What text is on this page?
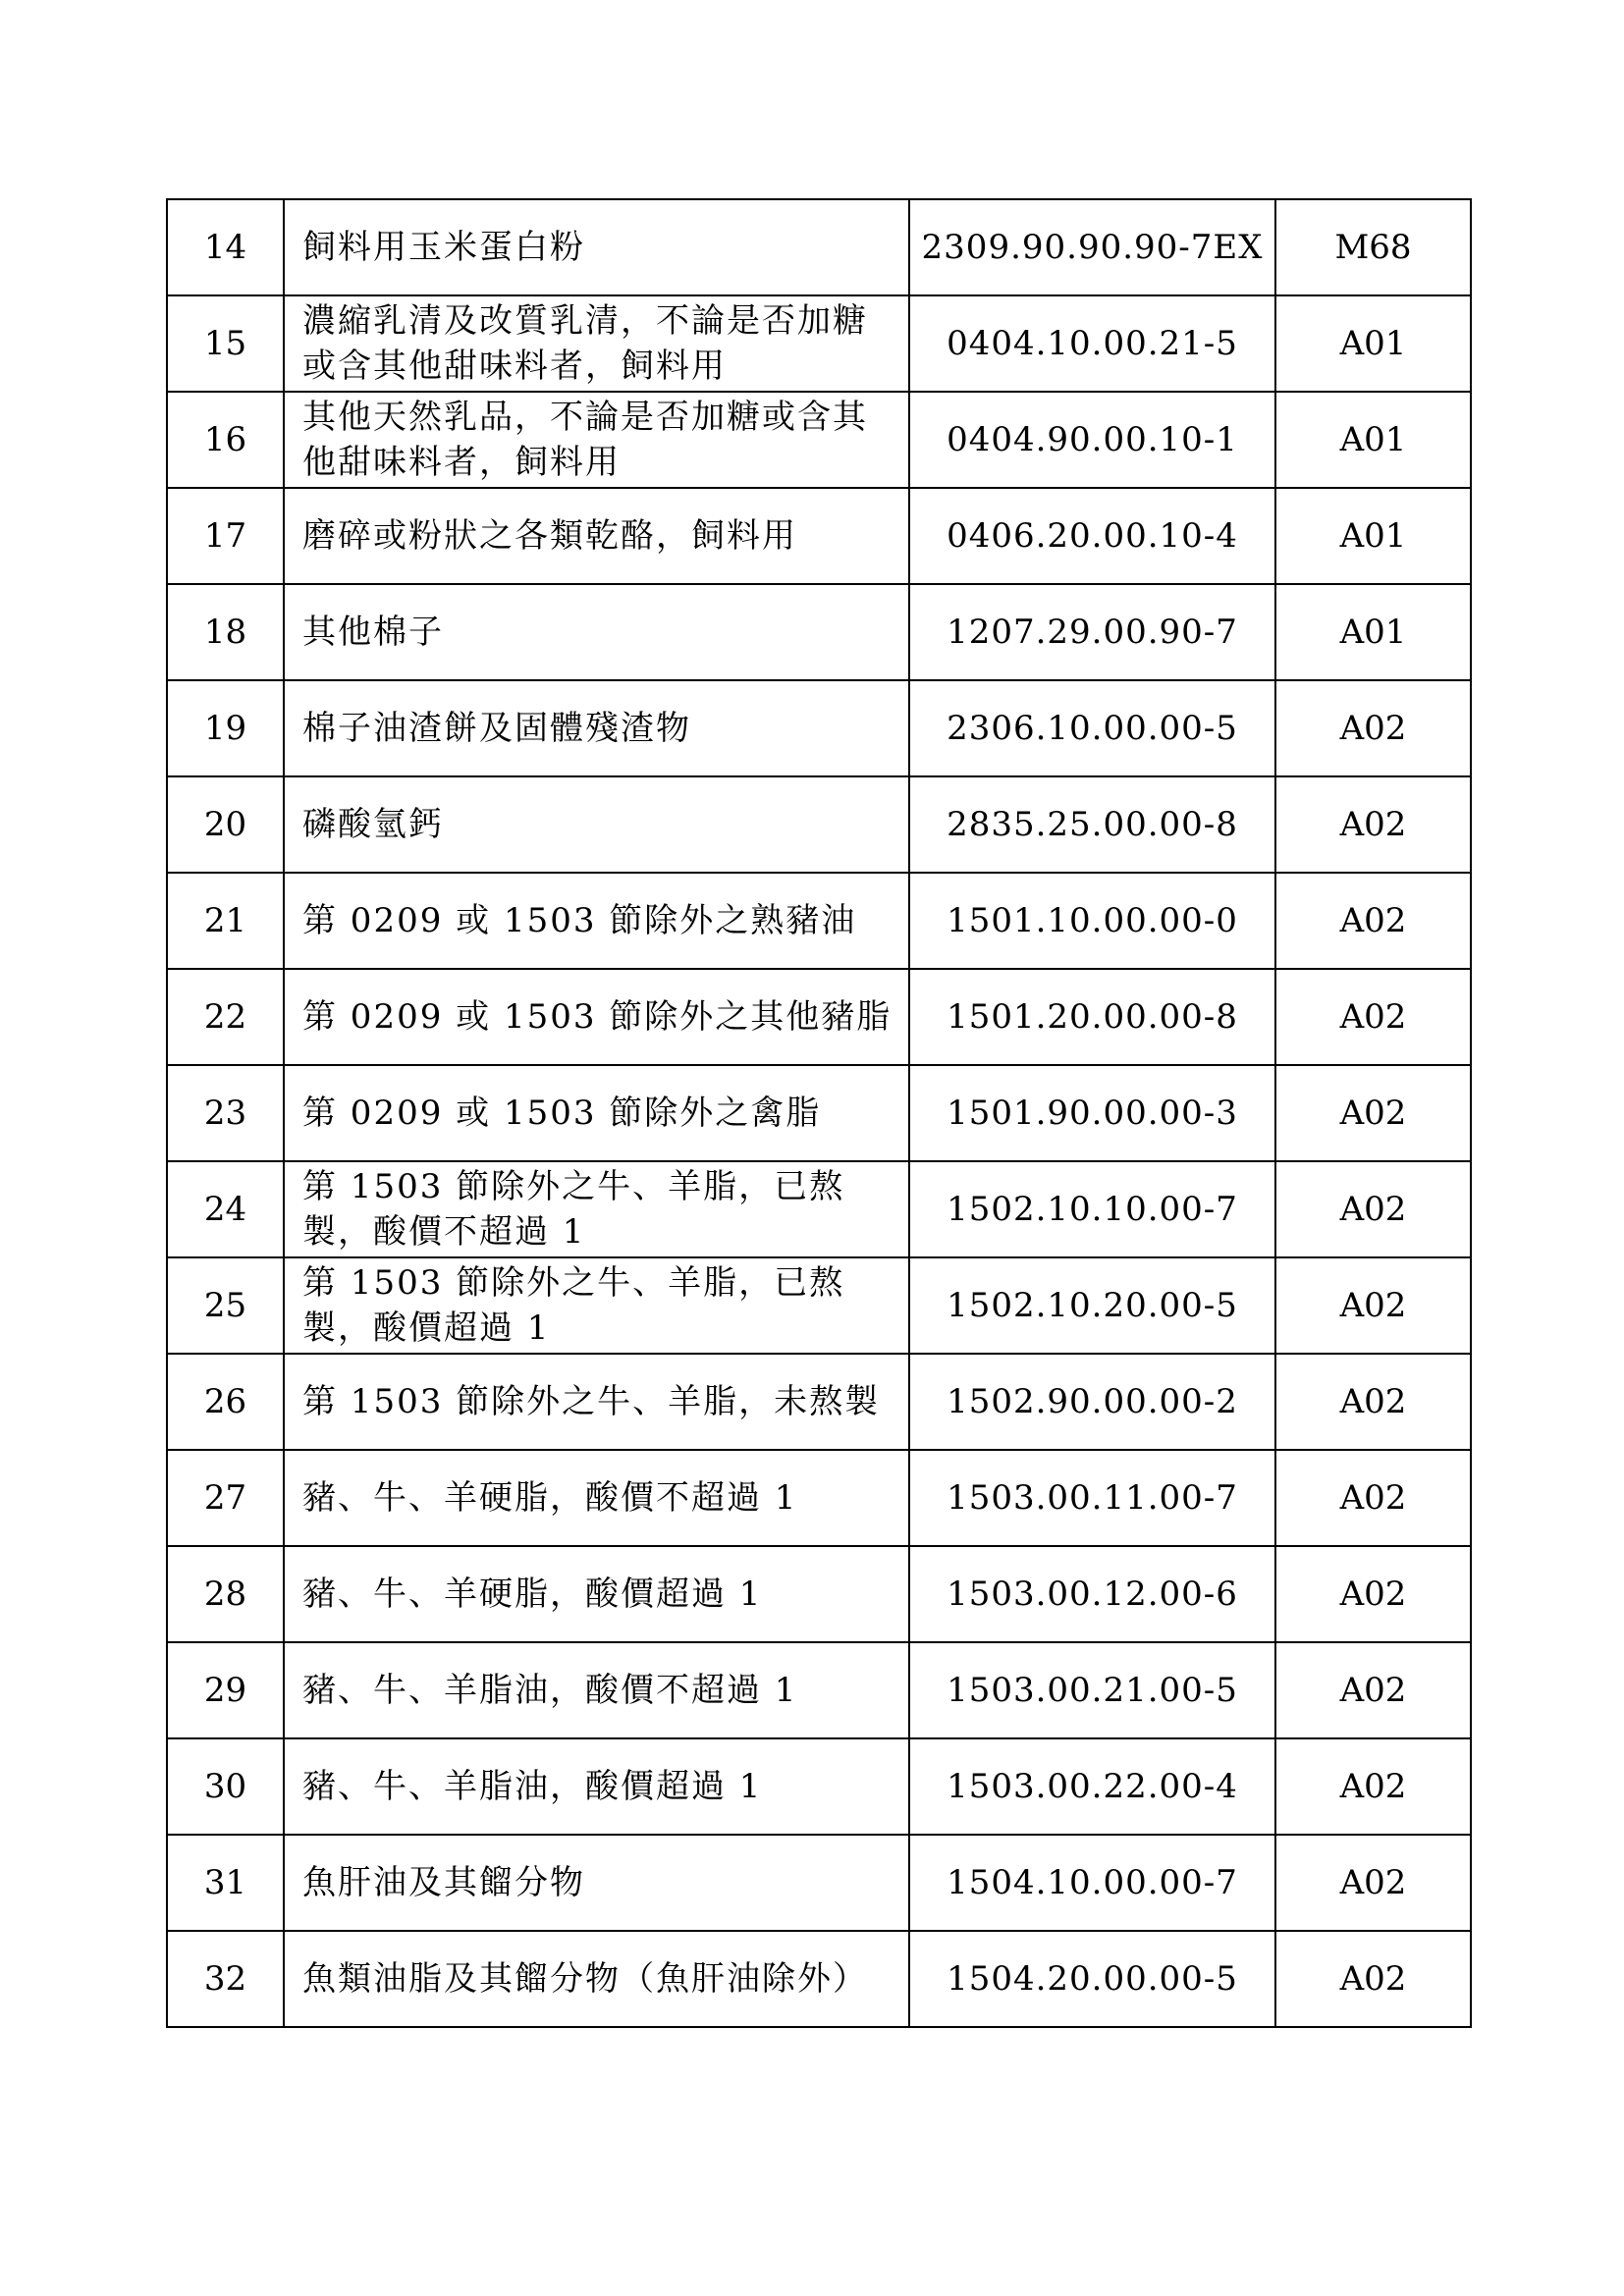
14	飼料用玉米蛋白粉	2309.90.90.90-7EX	M68
15	濃縮乳清及改質乳清，不論是否加糖或含其他甜味料者，飼料用	0404.10.00.21-5	A01
16	其他天然乳品，不論是否加糖或含其他甜味料者，飼料用	0404.90.00.10-1	A01
17	磨碎或粉狀之各類乾酪，飼料用	0406.20.00.10-4	A01
18	其他棉子	1207.29.00.90-7	A01
19	棉子油渣餅及固體殘渣物	2306.10.00.00-5	A02
20	磷酸氫鈣	2835.25.00.00-8	A02
21	第 0209 或 1503 節除外之熟豬油	1501.10.00.00-0	A02
22	第 0209 或 1503 節除外之其他豬脂	1501.20.00.00-8	A02
23	第 0209 或 1503 節除外之禽脂	1501.90.00.00-3	A02
24	第 1503 節除外之牛、羊脂，已熬製，酸價不超過 1	1502.10.10.00-7	A02
25	第 1503 節除外之牛、羊脂，已熬製，酸價超過 1	1502.10.20.00-5	A02
26	第 1503 節除外之牛、羊脂，未熬製	1502.90.00.00-2	A02
27	豬、牛、羊硬脂，酸價不超過 1	1503.00.11.00-7	A02
28	豬、牛、羊硬脂，酸價超過 1	1503.00.12.00-6	A02
29	豬、牛、羊脂油，酸價不超過 1	1503.00.21.00-5	A02
30	豬、牛、羊脂油，酸價超過 1	1503.00.22.00-4	A02
31	魚肝油及其餾分物	1504.10.00.00-7	A02
32	魚類油脂及其餾分物（魚肝油除外）	1504.20.00.00-5	A02
